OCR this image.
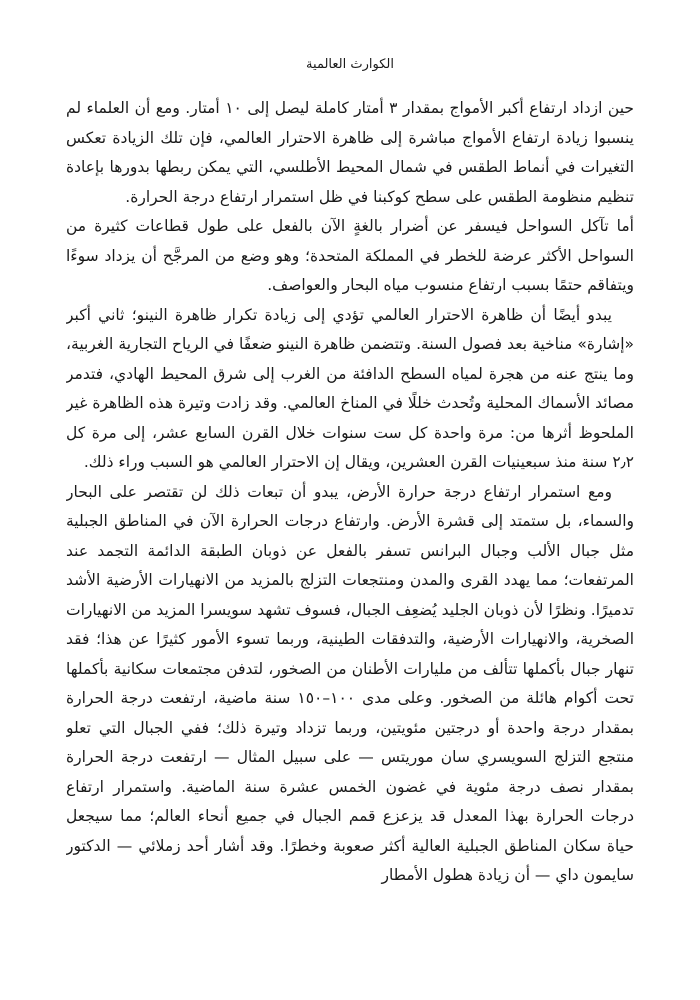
الكوارث العالمية

حين ازداد ارتفاع أكبر الأمواج بمقدار ٣ أمتار كاملة ليصل إلى ١٠ أمتار. ومع أن العلماء لم ينسبوا زيادة ارتفاع الأمواج مباشرة إلى ظاهرة الاحترار العالمي، فإن تلك الزيادة تعكس التغيرات في أنماط الطقس في شمال المحيط الأطلسي، التي يمكن ربطها بدورها بإعادة تنظيم منظومة الطقس على سطح كوكبنا في ظل استمرار ارتفاع درجة الحرارة.

أما تآكل السواحل فيسفر عن أضرار بالغةٍ الآن بالفعل على طول قطاعات كثيرة من السواحل الأكثر عرضة للخطر في المملكة المتحدة؛ وهو وضع من المرجَّح أن يزداد سوءًا ويتفاقم حتمًا بسبب ارتفاع منسوب مياه البحار والعواصف.

يبدو أيضًا أن ظاهرة الاحترار العالمي تؤدي إلى زيادة تكرار ظاهرة النينو؛ ثاني أكبر «إشارة» مناخية بعد فصول السنة. وتتضمن ظاهرة النينو ضعفًا في الرياح التجارية الغربية، وما ينتج عنه من هجرة لمياه السطح الدافئة من الغرب إلى شرق المحيط الهادي، فتدمر مصائد الأسماك المحلية وتُحدث خللًا في المناخ العالمي. وقد زادت وتيرة هذه الظاهرة غير الملحوظ أثرها من: مرة واحدة كل ست سنوات خلال القرن السابع عشر، إلى مرة كل ٢٫٢ سنة منذ سبعينيات القرن العشرين، ويقال إن الاحترار العالمي هو السبب وراء ذلك.

ومع استمرار ارتفاع درجة حرارة الأرض، يبدو أن تبعات ذلك لن تقتصر على البحار والسماء، بل ستمتد إلى قشرة الأرض. وارتفاع درجات الحرارة الآن في المناطق الجبلية مثل جبال الألب وجبال البرانس تسفر بالفعل عن ذوبان الطبقة الدائمة التجمد عند المرتفعات؛ مما يهدد القرى والمدن ومنتجعات التزلج بالمزيد من الانهيارات الأرضية الأشد تدميرًا. ونظرًا لأن ذوبان الجليد يُضعِف الجبال، فسوف تشهد سويسرا المزيد من الانهيارات الصخرية، والانهيارات الأرضية، والتدفقات الطينية، وربما تسوء الأمور كثيرًا عن هذا؛ فقد تنهار جبال بأكملها تتألف من مليارات الأطنان من الصخور، لتدفن مجتمعات سكانية بأكملها تحت أكوام هائلة من الصخور. وعلى مدى ١٠٠–١٥٠ سنة ماضية، ارتفعت درجة الحرارة بمقدار درجة واحدة أو درجتين مئويتين، وربما تزداد وتيرة ذلك؛ ففي الجبال التي تعلو منتجع التزلج السويسري سان موريتس — على سبيل المثال — ارتفعت درجة الحرارة بمقدار نصف درجة مئوية في غضون الخمس عشرة سنة الماضية. واستمرار ارتفاع درجات الحرارة بهذا المعدل قد يزعزع قمم الجبال في جميع أنحاء العالم؛ مما سيجعل حياة سكان المناطق الجبلية العالية أكثر صعوبة وخطرًا. وقد أشار أحد زملائي — الدكتور سايمون داي — أن زيادة هطول الأمطار
